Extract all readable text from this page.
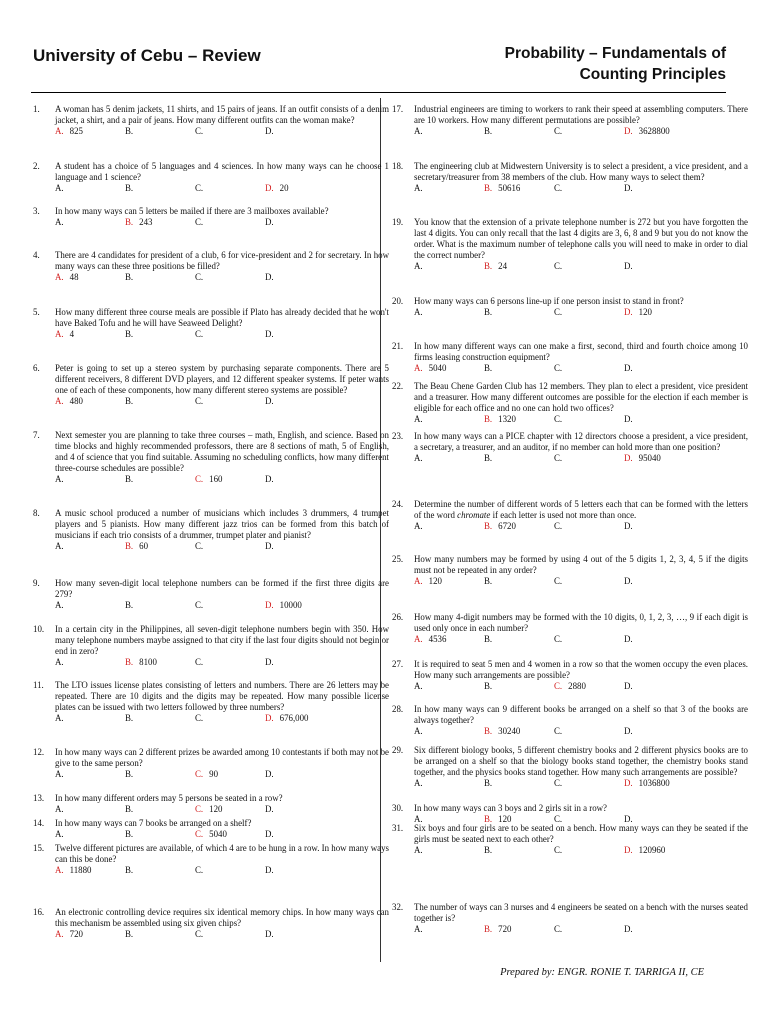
University of Cebu – Review	Probability – Fundamentals of
Counting Principles
1. A woman has 5 denim jackets, 11 shirts, and 15 pairs of jeans. If an outfit consists of a denim jacket, a shirt, and a pair of jeans. How many different outfits can the woman make?
A. 825	B.	C.	D.
2. A student has a choice of 5 languages and 4 sciences. In how many ways can he choose 1 language and 1 science?
A.	B.	C.	D. 20
3. In how many ways can 5 letters be mailed if there are 3 mailboxes available?
A.	B. 243	C.	D.
4. There are 4 candidates for president of a club, 6 for vice-president and 2 for secretary. In how many ways can these three positions be filled?
A. 48	B.	C.	D.
5. How many different three course meals are possible if Plato has already decided that he won't have Baked Tofu and he will have Seaweed Delight?
A. 4	B.	C.	D.
6. Peter is going to set up a stereo system by purchasing separate components. There are 5 different receivers, 8 different DVD players, and 12 different speaker systems. If peter wants one of each of these components, how many different stereo systems are possible?
A. 480	B.	C.	D.
7. Next semester you are planning to take three courses – math, English, and science. Based on time blocks and highly recommended professors, there are 8 sections of math, 5 of English, and 4 of science that you find suitable. Assuming no scheduling conflicts, how many different three-course schedules are possible?
A.	B.	C. 160	D.
8. A music school produced a number of musicians which includes 3 drummers, 4 trumpet players and 5 pianists. How many different jazz trios can be formed from this batch of musicians if each trio consists of a drummer, trumpet plater and pianist?
A.	B. 60	C.	D.
9. How many seven-digit local telephone numbers can be formed if the first three digits are 279?
A.	B.	C.	D. 10000
10. In a certain city in the Philippines, all seven-digit telephone numbers begin with 350. How many telephone numbers maybe assigned to that city if the last four digits should not begin or end in zero?
A.	B. 8100	C.	D.
11. The LTO issues license plates consisting of letters and numbers. There are 26 letters may be repeated. There are 10 digits and the digits may be repeated. How many possible license plates can be issued with two letters followed by three numbers?
A.	B.	C.	D. 676,000
12. In how many ways can 2 different prizes be awarded among 10 contestants if both may not be give to the same person?
A.	B.	C. 90	D.
13. In how many different orders may 5 persons be seated in a row?
A.	B.	C. 120	D.
14. In how many ways can 7 books be arranged on a shelf?
A.	B.	C. 5040	D.
15. Twelve different pictures are available, of which 4 are to be hung in a row. In how many ways can this be done?
A. 11880	B.	C.	D.
16. An electronic controlling device requires six identical memory chips. In how many ways can this mechanism be assembled using six given chips?
A. 720	B.	C.	D.
17. Industrial engineers are timing to workers to rank their speed at assembling computers. There are 10 workers. How many different permutations are possible?
A.	B.	C.	D. 3628800
18. The engineering club at Midwestern University is to select a president, a vice president, and a secretary/treasurer from 38 members of the club. How many ways to select them?
A.	B. 50616	C.	D.
19. You know that the extension of a private telephone number is 272 but you have forgotten the last 4 digits. You can only recall that the last 4 digits are 3, 6, 8 and 9 but you do not know the order. What is the maximum number of telephone calls you will need to make in order to dial the correct number?
A.	B. 24	C.	D.
20. How many ways can 6 persons line-up if one person insist to stand in front?
A.	B.	C.	D. 120
21. In how many different ways can one make a first, second, third and fourth choice among 10 firms leasing construction equipment?
A. 5040	B.	C.	D.
22. The Beau Chene Garden Club has 12 members. They plan to elect a president, vice president and a treasurer. How many different outcomes are possible for the election if each member is eligible for each office and no one can hold two offices?
A.	B. 1320	C.	D.
23. In how many ways can a PICE chapter with 12 directors choose a president, a vice president, a secretary, a treasurer, and an auditor, if no member can hold more than one position?
A.	B.	C.	D. 95040
24. Determine the number of different words of 5 letters each that can be formed with the letters of the word chromate if each letter is used not more than once.
A.	B. 6720	C.	D.
25. How many numbers may be formed by using 4 out of the 5 digits 1, 2, 3, 4, 5 if the digits must not be repeated in any order?
A. 120	B.	C.	D.
26. How many 4-digit numbers may be formed with the 10 digits, 0, 1, 2, 3, …, 9 if each digit is used only once in each number?
A. 4536	B.	C.	D.
27. It is required to seat 5 men and 4 women in a row so that the women occupy the even places. How many such arrangements are possible?
A.	B.	C. 2880	D.
28. In how many ways can 9 different books be arranged on a shelf so that 3 of the books are always together?
A.	B. 30240	C.	D.
29. Six different biology books, 5 different chemistry books and 2 different physics books are to be arranged on a shelf so that the biology books stand together, the chemistry books stand together, and the physics books stand together. How many such arrangements are possible?
A.	B.	C.	D. 1036800
30. In how many ways can 3 boys and 2 girls sit in a row?
A.	B. 120	C.	D.
31. Six boys and four girls are to be seated on a bench. How many ways can they be seated if the girls must be seated next to each other?
A.	B.	C.	D. 120960
32. The number of ways can 3 nurses and 4 engineers be seated on a bench with the nurses seated together is?
A.	B. 720	C.	D.
Prepared by: ENGR. RONIE T. TARRIGA II, CE
